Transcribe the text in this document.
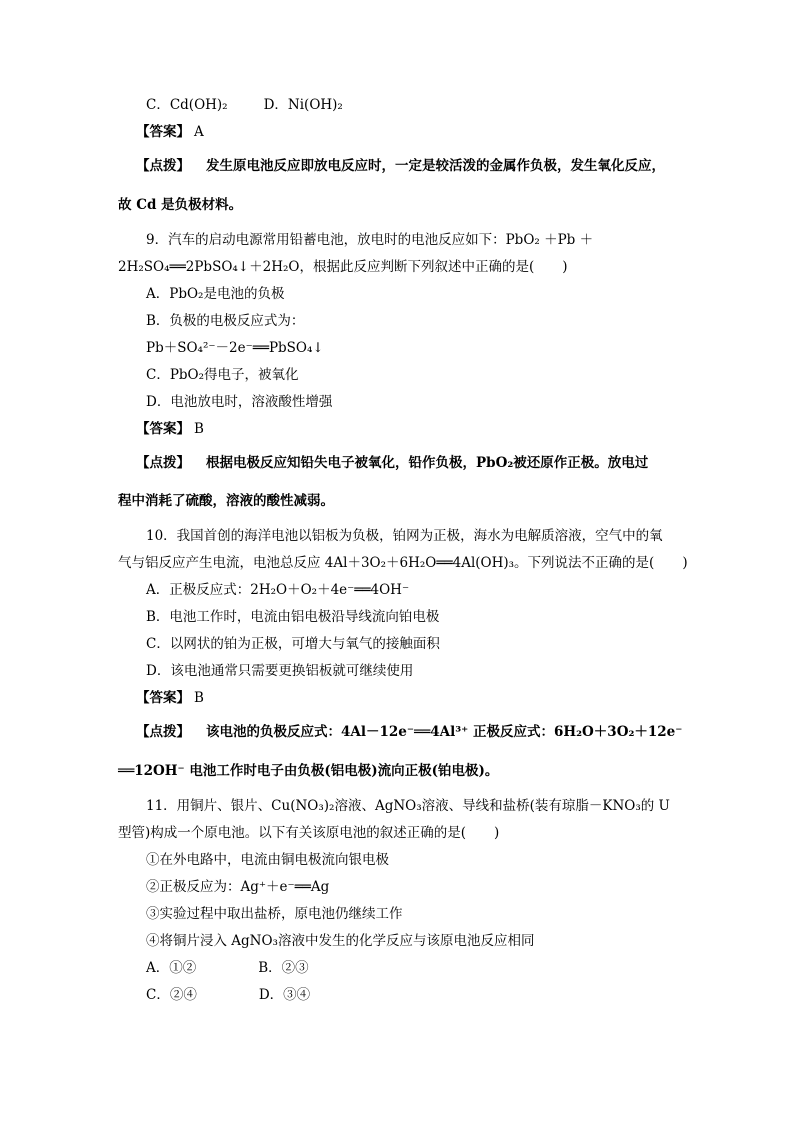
C．Cd(OH)₂	D．Ni(OH)₂
【答案】 A
【点拨】 发生原电池反应即放电反应时，一定是较活泼的金属作负极，发生氧化反应，
故 Cd 是负极材料。
9．汽车的启动电源常用铅蓄电池，放电时的电池反应如下：PbO₂ ＋Pb ＋
2H₂SO₄══2PbSO₄↓＋2H₂O，根据此反应判断下列叙述中正确的是( )
A．PbO₂是电池的负极
B．负极的电极反应式为：
Pb＋SO₄²⁻－2e⁻══PbSO₄↓
C．PbO₂得电子，被氧化
D．电池放电时，溶液酸性增强
【答案】 B
【点拨】 根据电极反应知铅失电子被氧化，铅作负极，PbO₂被还原作正极。放电过
程中消耗了硫酸，溶液的酸性减弱。
10．我国首创的海洋电池以铝板为负极，铂网为正极，海水为电解质溶液，空气中的氧
气与铝反应产生电流，电池总反应 4Al＋3O₂＋6H₂O══4Al(OH)₃。下列说法不正确的是( )
A．正极反应式：2H₂O＋O₂＋4e⁻══4OH⁻
B．电池工作时，电流由铝电极沿导线流向铂电极
C．以网状的铂为正极，可增大与氧气的接触面积
D．该电池通常只需要更换铝板就可继续使用
【答案】 B
【点拨】 该电池的负极反应式：4Al－12e⁻══4Al³⁺ 正极反应式：6H₂O＋3O₂＋12e⁻
══12OH⁻ 电池工作时电子由负极(铝电极)流向正极(铂电极)。
11．用铜片、银片、Cu(NO₃)₂溶液、AgNO₃溶液、导线和盐桥(装有琼脂－KNO₃的 U
型管)构成一个原电池。以下有关该原电池的叙述正确的是( )
①在外电路中，电流由铜电极流向银电极
②正极反应为：Ag⁺＋e⁻══Ag
③实验过程中取出盐桥，原电池仍继续工作
④将铜片浸入 AgNO₃溶液中发生的化学反应与该原电池反应相同
A．①②	B．②③
C．②④	D．③④
